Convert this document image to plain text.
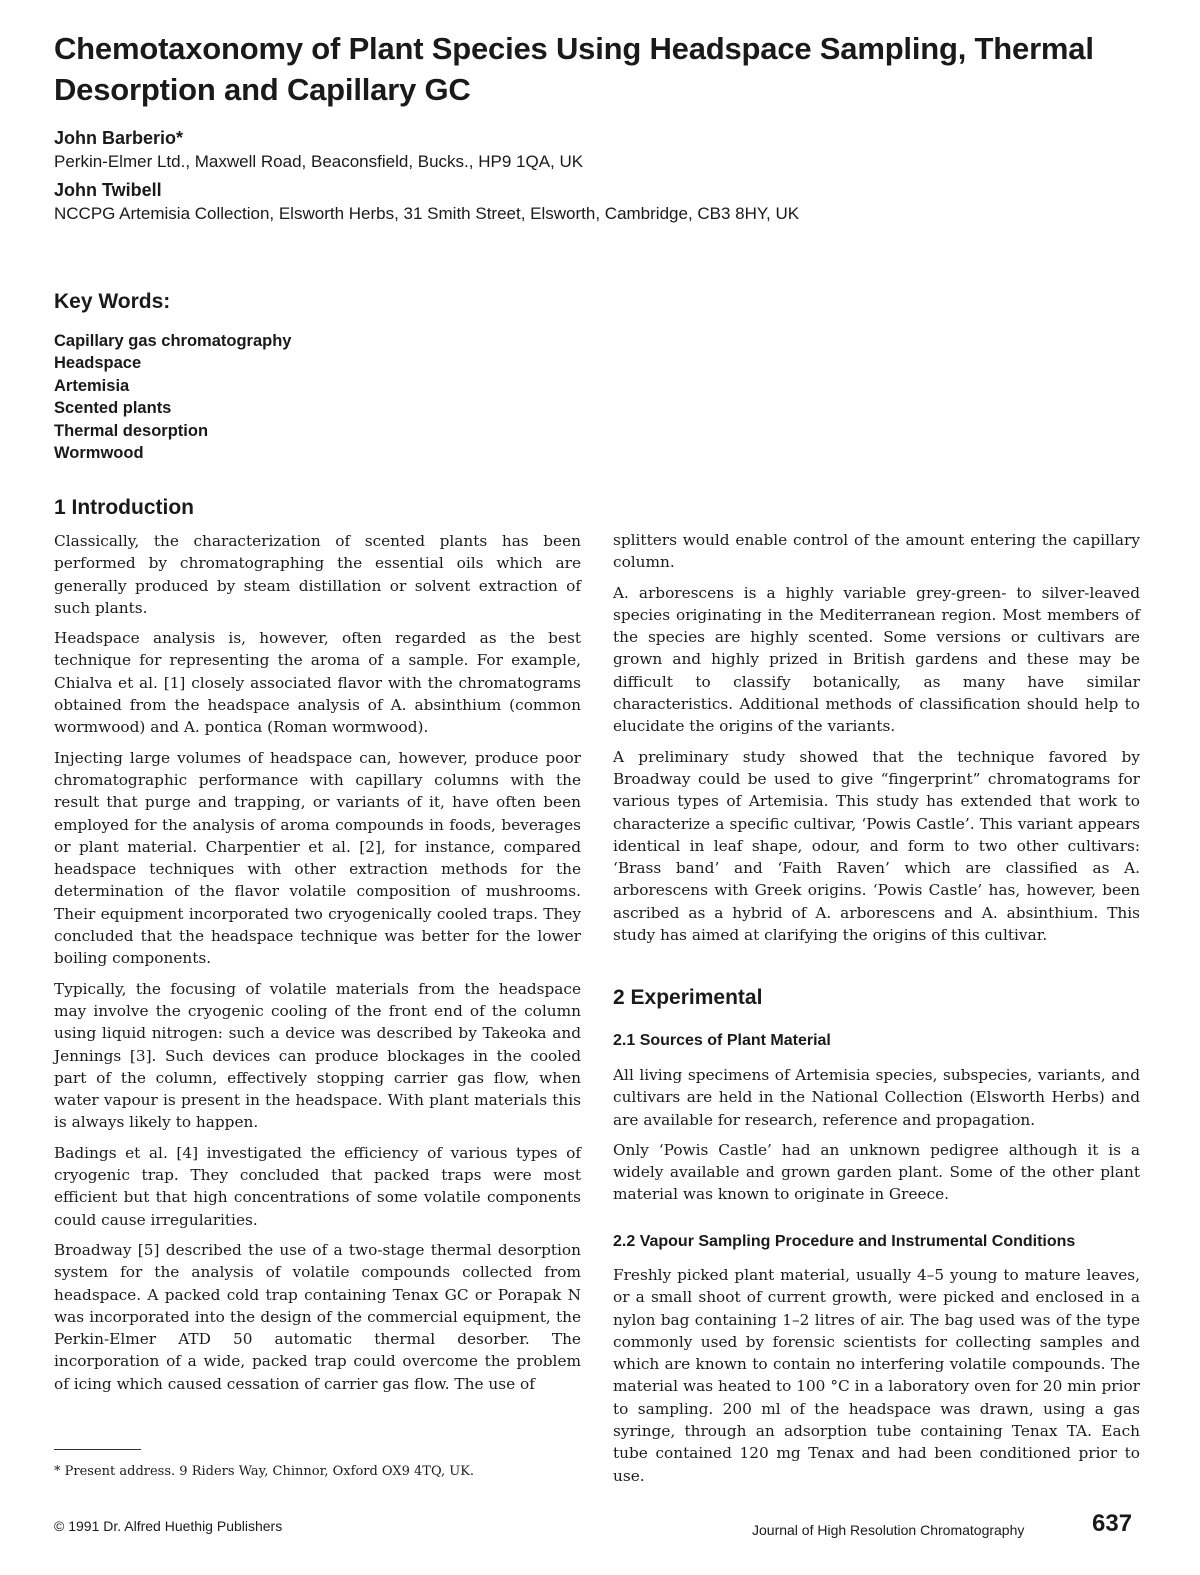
Chemotaxonomy of Plant Species Using Headspace Sampling, Thermal Desorption and Capillary GC

John Barberio*

Perkin-Elmer Ltd., Maxwell Road, Beaconsfield, Bucks., HP9 1QA, UK

John Twibell

NCCPG Artemisia Collection, Elsworth Herbs, 31 Smith Street, Elsworth, Cambridge, CB3 8HY, UK

Key Words:
Capillary gas chromatography
Headspace
Artemisia
Scented plants
Thermal desorption
Wormwood
1 Introduction

Classically, the characterization of scented plants has been performed by chromatographing the essential oils which are generally produced by steam distillation or solvent extraction of such plants.

Headspace analysis is, however, often regarded as the best technique for representing the aroma of a sample. For example, Chialva et al. [1] closely associated flavor with the chromatograms obtained from the headspace analysis of A. absinthium (common wormwood) and A. pontica (Roman wormwood).

Injecting large volumes of headspace can, however, produce poor chromatographic performance with capillary columns with the result that purge and trapping, or variants of it, have often been employed for the analysis of aroma compounds in foods, beverages or plant material. Charpentier et al. [2], for instance, compared headspace techniques with other extraction methods for the determination of the flavor volatile composition of mushrooms. Their equipment incorporated two cryogenically cooled traps. They concluded that the headspace technique was better for the lower boiling components.

Typically, the focusing of volatile materials from the headspace may involve the cryogenic cooling of the front end of the column using liquid nitrogen: such a device was described by Takeoka and Jennings [3]. Such devices can produce blockages in the cooled part of the column, effectively stopping carrier gas flow, when water vapour is present in the headspace. With plant materials this is always likely to happen.

Badings et al. [4] investigated the efficiency of various types of cryogenic trap. They concluded that packed traps were most efficient but that high concentrations of some volatile components could cause irregularities.

Broadway [5] described the use of a two-stage thermal desorption system for the analysis of volatile compounds collected from headspace. A packed cold trap containing Tenax GC or Porapak N was incorporated into the design of the commercial equipment, the Perkin-Elmer ATD 50 automatic thermal desorber. The incorporation of a wide, packed trap could overcome the problem of icing which caused cessation of carrier gas flow. The use of

splitters would enable control of the amount entering the capillary column.

A. arborescens is a highly variable grey-green- to silver-leaved species originating in the Mediterranean region. Most members of the species are highly scented. Some versions or cultivars are grown and highly prized in British gardens and these may be difficult to classify botanically, as many have similar characteristics. Additional methods of classification should help to elucidate the origins of the variants.

A preliminary study showed that the technique favored by Broadway could be used to give “fingerprint” chromatograms for various types of Artemisia. This study has extended that work to characterize a specific cultivar, ‘Powis Castle’. This variant appears identical in leaf shape, odour, and form to two other cultivars: ‘Brass band’ and ‘Faith Raven’ which are classified as A. arborescens with Greek origins. ‘Powis Castle’ has, however, been ascribed as a hybrid of A. arborescens and A. absinthium. This study has aimed at clarifying the origins of this cultivar.

2 Experimental
2.1 Sources of Plant Material

All living specimens of Artemisia species, subspecies, variants, and cultivars are held in the National Collection (Elsworth Herbs) and are available for research, reference and propagation.

Only ‘Powis Castle’ had an unknown pedigree although it is a widely available and grown garden plant. Some of the other plant material was known to originate in Greece.

2.2 Vapour Sampling Procedure and Instrumental Conditions

Freshly picked plant material, usually 4–5 young to mature leaves, or a small shoot of current growth, were picked and enclosed in a nylon bag containing 1–2 litres of air. The bag used was of the type commonly used by forensic scientists for collecting samples and which are known to contain no interfering volatile compounds. The material was heated to 100 °C in a laboratory oven for 20 min prior to sampling. 200 ml of the headspace was drawn, using a gas syringe, through an adsorption tube containing Tenax TA. Each tube contained 120 mg Tenax and had been conditioned prior to use.

* Present address. 9 Riders Way, Chinnor, Oxford OX9 4TQ, UK.

© 1991 Dr. Alfred Huethig Publishers	Journal of High Resolution Chromatography	637
